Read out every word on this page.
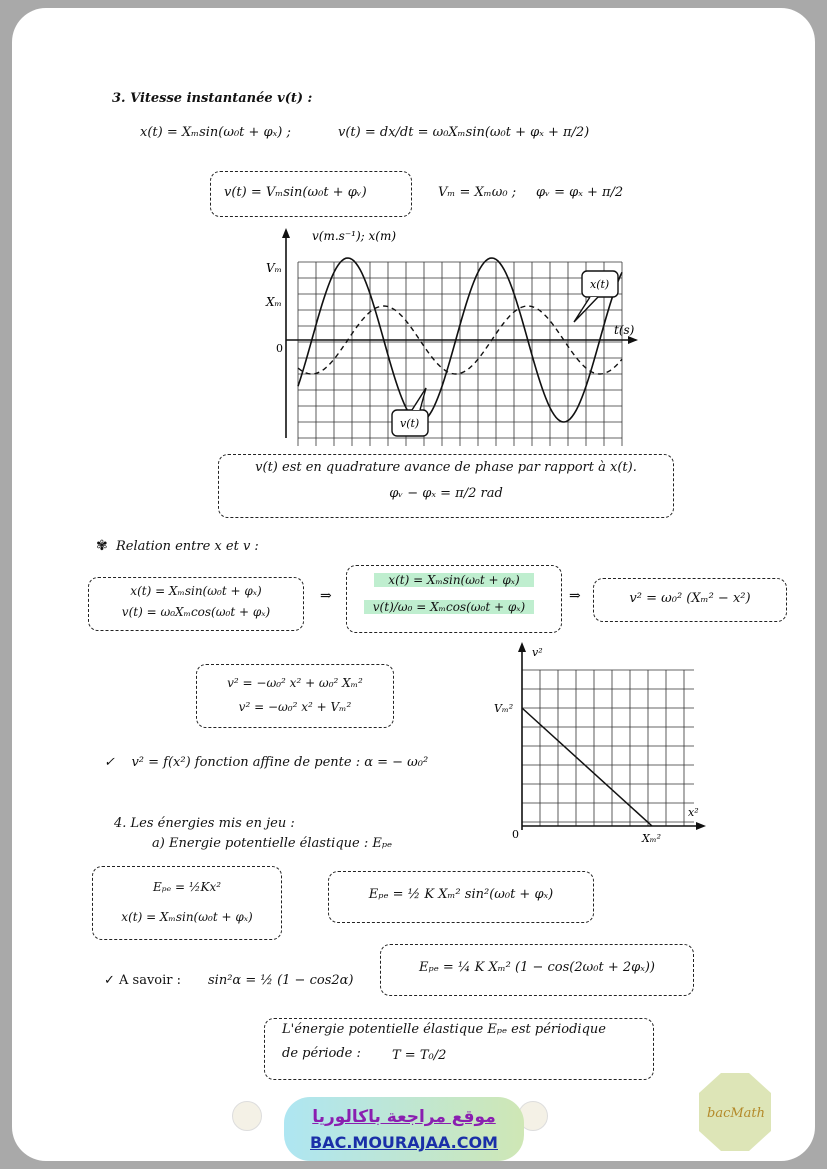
3. Vitesse instantanée v(t) :
x(t) = Xₘsin(ω₀t + φₓ) ;	v(t) = dx/dt = ω₀Xₘsin(ω₀t + φₓ + π/2)
v(t) = Vₘsin(ω₀t + φᵥ)	Vₘ = Xₘω₀ ; φᵥ = φₓ + π/2
v(m.s⁻¹); x(m)
t(s)
Vₘ
Xₘ
0
x(t)
v(t)
v(t) est en quadrature avance de phase par rapport à x(t).
φᵥ − φₓ = π/2 rad
✾ Relation entre x et v :
x(t) = Xₘsin(ω₀t + φₓ)
v(t) = ω₀Xₘcos(ω₀t + φₓ)
⇒
x(t) = Xₘsin(ω₀t + φₓ)
v(t)/ω₀ = Xₘcos(ω₀t + φₓ)
⇒	v² = ω₀² (Xₘ² − x²)
v² = −ω₀² x² + ω₀² Xₘ²
v² = −ω₀² x² + Vₘ²
✓ v² = f(x²) fonction affine de pente : α = − ω₀²
v²
x²
Vₘ²
Xₘ²
0
4. Les énergies mis en jeu :
a) Energie potentielle élastique : Eₚₑ
Eₚₑ = ½Kx²
x(t) = Xₘsin(ω₀t + φₓ)
Eₚₑ = ½ K Xₘ² sin²(ω₀t + φₓ)
✓ A savoir : sin²α = ½ (1 − cos2α)
Eₚₑ = ¼ K Xₘ² (1 − cos(2ω₀t + 2φₓ))
L'énergie potentielle élastique Eₚₑ est périodique
de période : T = T₀/2
موقع مراجعة باكالوريا
BAC.MOURAJAA.COM
bacMath
